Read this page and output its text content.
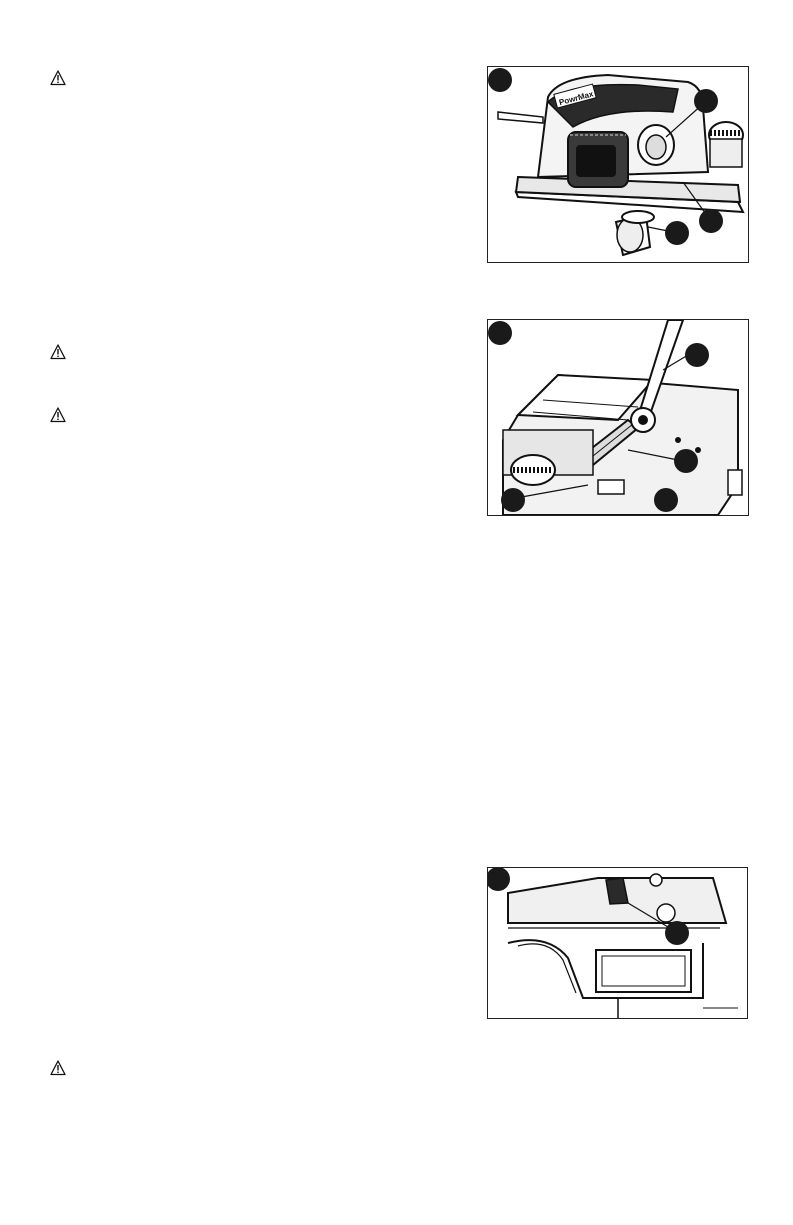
PowrMax
